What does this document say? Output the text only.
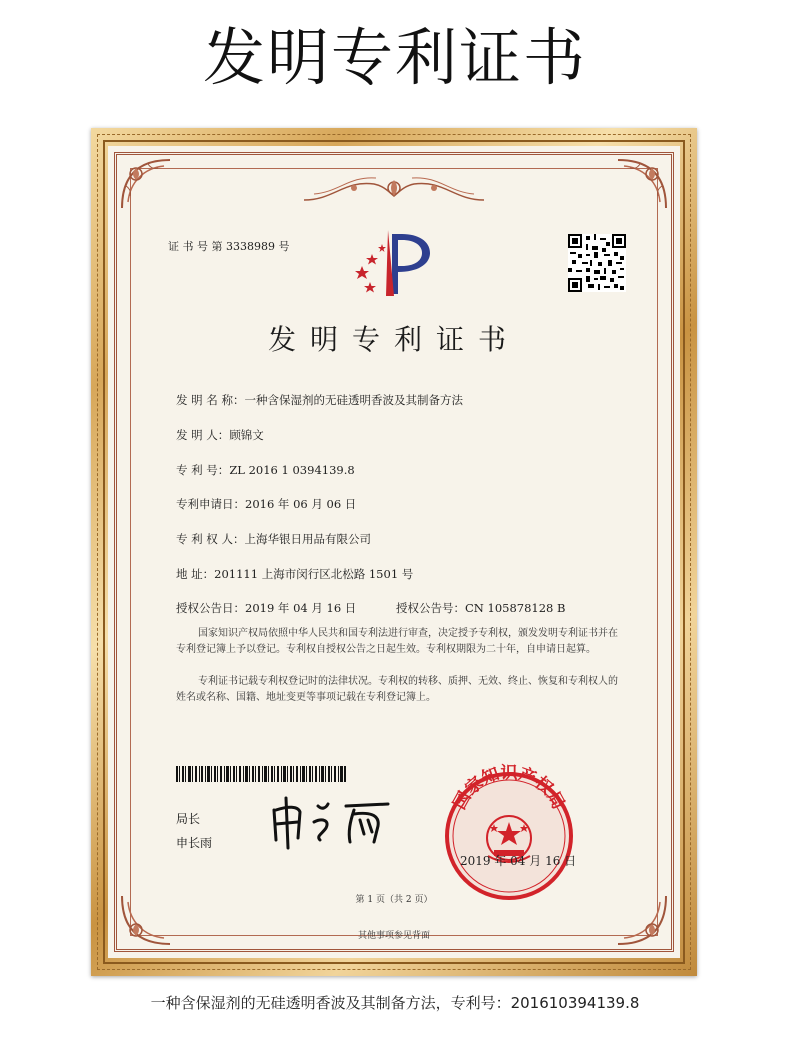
发明专利证书
证 书 号 第 3338989 号
发明专利证书
发 明 名 称：一种含保湿剂的无硅透明香波及其制备方法
发 明 人：顾锦文
专 利 号：ZL 2016 1 0394139.8
专利申请日：2016 年 06 月 06 日
专 利 权 人：上海华银日用品有限公司
地 址：201111 上海市闵行区北松路 1501 号
授权公告日：2019 年 04 月 16 日	授权公告号：CN 105878128 B
国家知识产权局依照中华人民共和国专利法进行审查，决定授予专利权，颁发发明专利证书并在专利登记簿上予以登记。专利权自授权公告之日起生效。专利权期限为二十年，自申请日起算。
专利证书记载专利权登记时的法律状况。专利权的转移、质押、无效、终止、恢复和专利权人的姓名或名称、国籍、地址变更等事项记载在专利登记簿上。
局长
申长雨
国家知识产权局
2019 年 04 月 16 日
第 1 页（共 2 页）
其他事项参见背面
一种含保湿剂的无硅透明香波及其制备方法，专利号：201610394139.8
